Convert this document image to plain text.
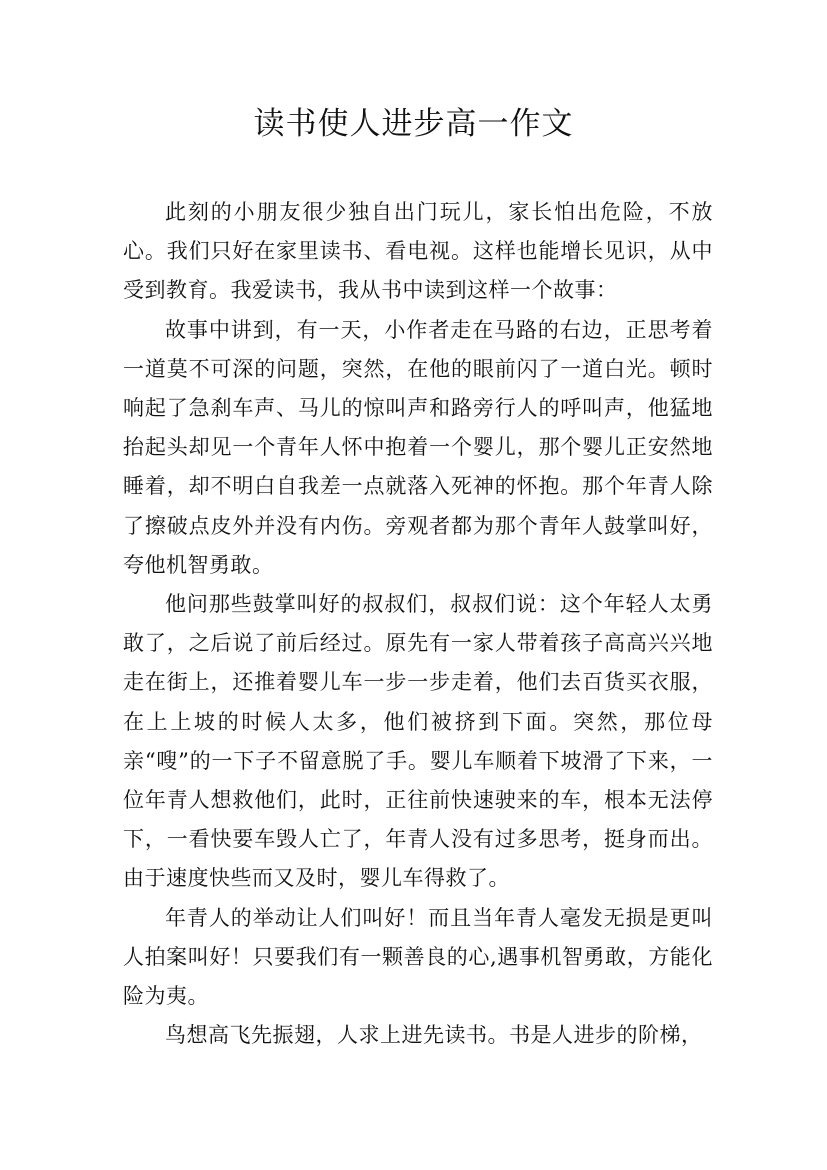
读书使人进步高一作文

此刻的小朋友很少独自出门玩儿，家长怕出危险，不放心。我们只好在家里读书、看电视。这样也能增长见识，从中受到教育。我爱读书，我从书中读到这样一个故事：

故事中讲到，有一天，小作者走在马路的右边，正思考着一道莫不可深的问题，突然，在他的眼前闪了一道白光。顿时响起了急刹车声、马儿的惊叫声和路旁行人的呼叫声，他猛地抬起头却见一个青年人怀中抱着一个婴儿，那个婴儿正安然地睡着，却不明白自我差一点就落入死神的怀抱。那个年青人除了擦破点皮外并没有内伤。旁观者都为那个青年人鼓掌叫好，夸他机智勇敢。

他问那些鼓掌叫好的叔叔们，叔叔们说：这个年轻人太勇敢了，之后说了前后经过。原先有一家人带着孩子高高兴兴地走在街上，还推着婴儿车一步一步走着，他们去百货买衣服，在上上坡的时候人太多，他们被挤到下面。突然，那位母亲“嗖”的一下子不留意脱了手。婴儿车顺着下坡滑了下来，一位年青人想救他们，此时，正往前快速驶来的车，根本无法停下，一看快要车毁人亡了，年青人没有过多思考，挺身而出。由于速度快些而又及时，婴儿车得救了。

年青人的举动让人们叫好！而且当年青人毫发无损是更叫人拍案叫好！只要我们有一颗善良的心,遇事机智勇敢，方能化险为夷。

鸟想高飞先振翅，人求上进先读书。书是人进步的阶梯，
